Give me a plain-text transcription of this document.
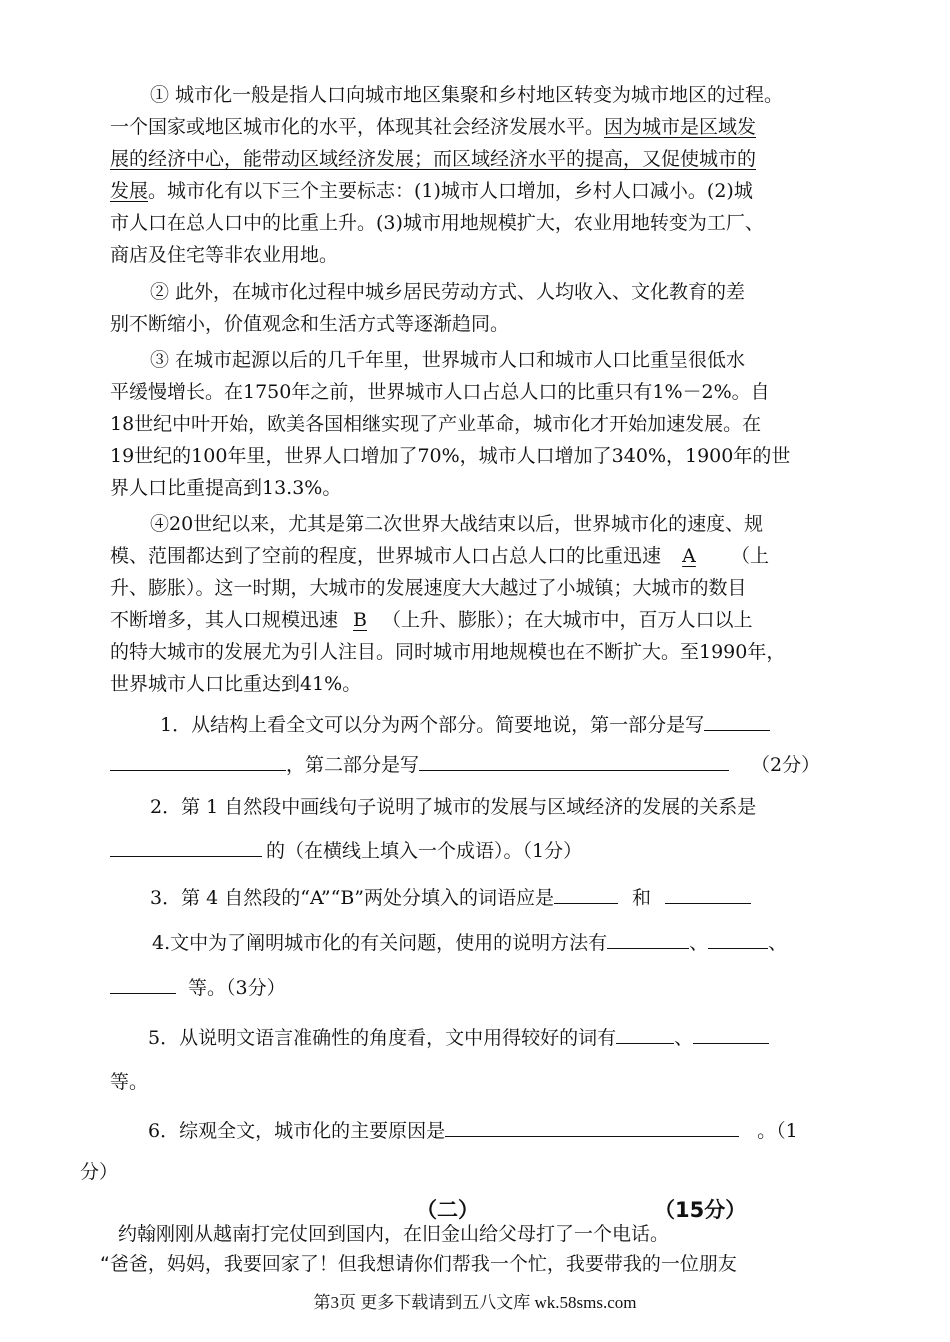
① 城市化一般是指人口向城市地区集聚和乡村地区转变为城市地区的过程。
一个国家或地区城市化的水平，体现其社会经济发展水平。因为城市是区域发
展的经济中心，能带动区域经济发展；而区域经济水平的提高，又促使城市的
发展。城市化有以下三个主要标志：(1)城市人口增加，乡村人口减小。(2)城
市人口在总人口中的比重上升。(3)城市用地规模扩大，农业用地转变为工厂、
商店及住宅等非农业用地。
② 此外，在城市化过程中城乡居民劳动方式、人均收入、文化教育的差
别不断缩小，价值观念和生活方式等逐渐趋同。
③ 在城市起源以后的几千年里，世界城市人口和城市人口比重呈很低水
平缓慢增长。在1750年之前，世界城市人口占总人口的比重只有1%－2%。自
18世纪中叶开始，欧美各国相继实现了产业革命，城市化才开始加速发展。在
19世纪的100年里，世界人口增加了70%，城市人口增加了340%，1900年的世
界人口比重提高到13.3%。
④20世纪以来，尤其是第二次世界大战结束以后，世界城市化的速度、规
模、范围都达到了空前的程度，世界城市人口占总人口的比重迅速 A （上
升、膨胀）。这一时期，大城市的发展速度大大越过了小城镇；大城市的数目
不断增多，其人口规模迅速 B （上升、膨胀）；在大城市中，百万人口以上
的特大城市的发展尤为引人注目。同时城市用地规模也在不断扩大。至1990年，
世界城市人口比重达到41%。
1．从结构上看全文可以分为两个部分。简要地说，第一部分是写
，第二部分是写	（2分）
2．第 1 自然段中画线句子说明了城市的发展与区域经济的发展的关系是
的（在横线上填入一个成语）。（1分）
3．第 4 自然段的“A”“B”两处分填入的词语应是	和
4.文中为了阐明城市化的有关问题，使用的说明方法有	、	、
等。（3分）
5．从说明文语言准确性的角度看，文中用得较好的词有	、
等。
6．综观全文，城市化的主要原因是	。（1
分）
（二）	（15分）
约翰刚刚从越南打完仗回到国内，在旧金山给父母打了一个电话。
“爸爸，妈妈，我要回家了！但我想请你们帮我一个忙，我要带我的一位朋友
第3页 更多下载请到五八文库 wk.58sms.com
